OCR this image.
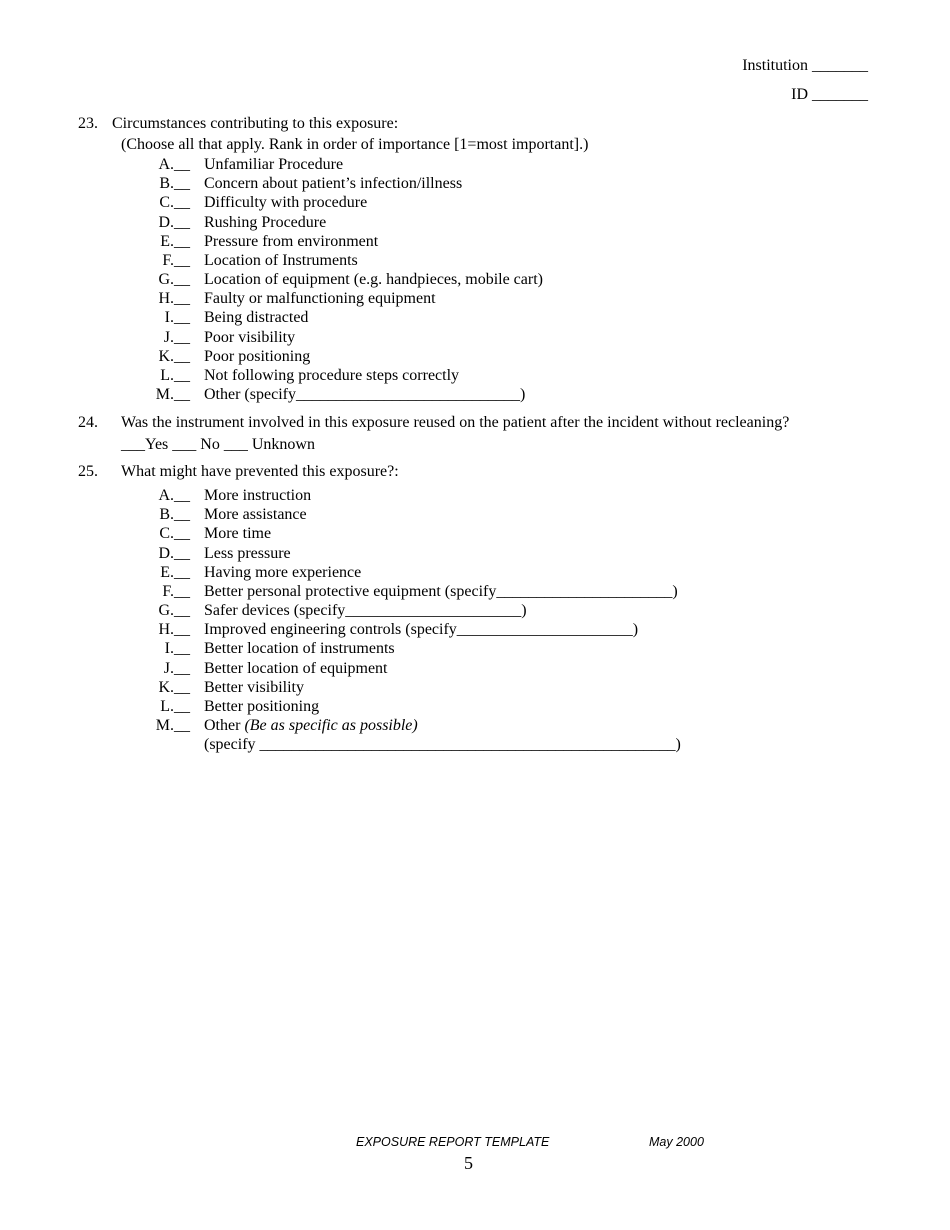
Institution _______
ID _______
23. Circumstances contributing to this exposure:
(Choose all that apply. Rank in order of importance [1=most important].)
A.__ Unfamiliar Procedure
B.__ Concern about patient’s infection/illness
C.__ Difficulty with procedure
D.__ Rushing Procedure
E.__ Pressure from environment
F.__ Location of Instruments
G.__ Location of equipment (e.g. handpieces, mobile cart)
H.__ Faulty or malfunctioning equipment
I.__ Being distracted
J.__ Poor visibility
K.__ Poor positioning
L.__ Not following procedure steps correctly
M.__ Other (specify____________________________)
24. Was the instrument involved in this exposure reused on the patient after the incident without recleaning?
___Yes ___ No ___ Unknown
25. What might have prevented this exposure?:
A.__ More instruction
B.__ More assistance
C.__ More time
D.__ Less pressure
E.__ Having more experience
F.__ Better personal protective equipment (specify______________________)
G.__ Safer devices (specify______________________)
H.__ Improved engineering controls (specify______________________)
I.__ Better location of instruments
J.__ Better location of equipment
K.__ Better visibility
L.__ Better positioning
M.__ Other (Be as specific as possible)
(specify ____________________________________________________)
EXPOSURE REPORT TEMPLATE	May 2000
5
